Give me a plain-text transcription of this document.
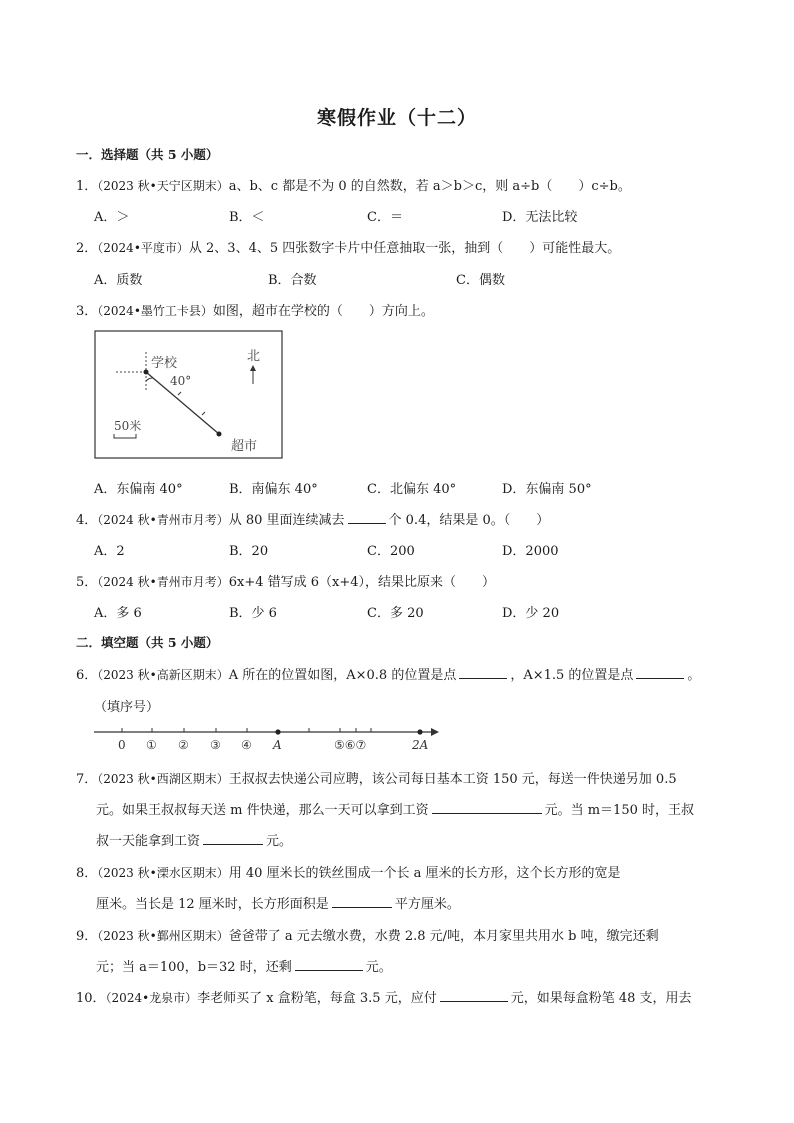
寒假作业（十二）
一．选择题（共 5 小题）
1．（2023 秋•天宁区期末）a、b、c 都是不为 0 的自然数，若 a＞b＞c，则 a÷b（　　）c÷b。
A．＞	B．＜	C．＝	D．无法比较
2．（2024•平度市）从 2、3、4、5 四张数字卡片中任意抽取一张，抽到（　　）可能性最大。
A．质数	B．合数	C．偶数
3．（2024•墨竹工卡县）如图，超市在学校的（　　）方向上。
学校
40°
北
50米
超市
A．东偏南 40°	B．南偏东 40°	C．北偏东 40°	D．东偏南 50°
4．（2024 秋•青州市月考）从 80 里面连续减去	个 0.4，结果是 0。（　　）
A．2	B．20	C．200	D．2000
5．（2024 秋•青州市月考）6x+4 错写成 6（x+4），结果比原来（　　）
A．多 6	B．少 6	C．多 20	D．少 20
二．填空题（共 5 小题）
6．（2023 秋•高新区期末）A 所在的位置如图，A×0.8 的位置是点	，A×1.5 的位置是点	。
（填序号）
0 ① ② ③ ④ A	⑤⑥⑦	2A
7．（2023 秋•西湖区期末）王叔叔去快递公司应聘，该公司每日基本工资 150 元，每送一件快递另加 0.5
元。如果王叔叔每天送 m 件快递，那么一天可以拿到工资	元。当 m＝150 时，王叔
叔一天能拿到工资	元。
8．（2023 秋•溧水区期末）用 40 厘米长的铁丝围成一个长 a 厘米的长方形，这个长方形的宽是
厘米。当长是 12 厘米时，长方形面积是	平方厘米。
9．（2023 秋•鄞州区期末）爸爸带了 a 元去缴水费，水费 2.8 元/吨，本月家里共用水 b 吨，缴完还剩
元；当 a＝100，b＝32 时，还剩	元。
10．（2024•龙泉市）李老师买了 x 盒粉笔，每盒 3.5 元，应付	元，如果每盒粉笔 48 支，用去
